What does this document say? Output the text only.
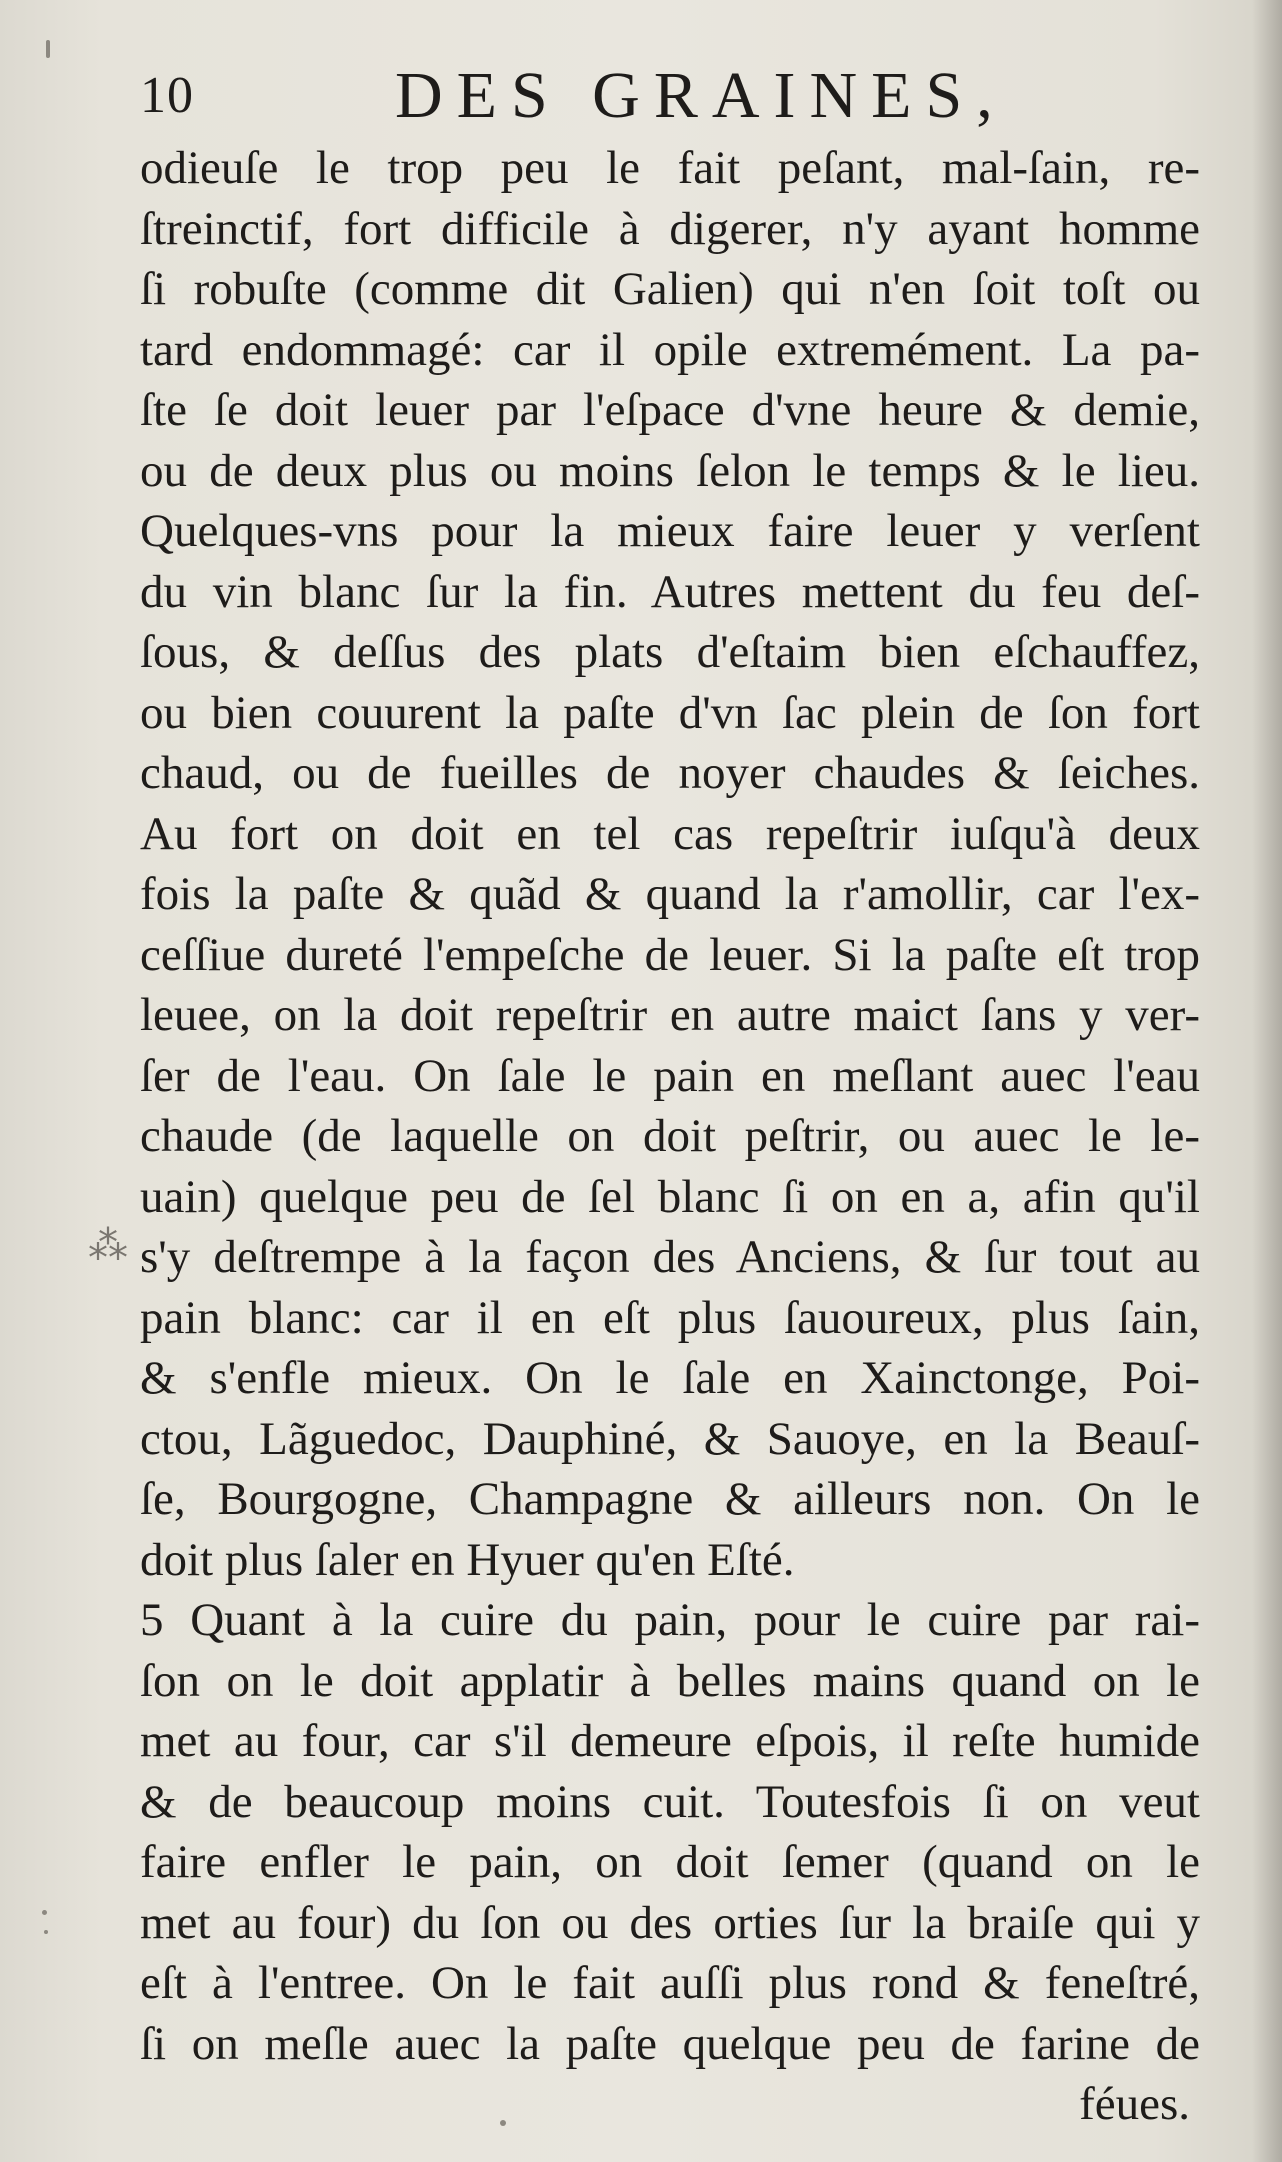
10	DES GRAINES,
⁂
odieuſe le trop peu le fait peſant, mal-ſain, re-
ſtreinctif, fort difficile à digerer, n'y ayant homme
ſi robuſte (comme dit Galien) qui n'en ſoit toſt ou
tard endommagé: car il opile extremément. La pa-
ſte ſe doit leuer par l'eſpace d'vne heure & demie,
ou de deux plus ou moins ſelon le temps & le lieu.
Quelques-vns pour la mieux faire leuer y verſent
du vin blanc ſur la fin. Autres mettent du feu deſ-
ſous, & deſſus des plats d'eſtaim bien eſchauffez,
ou bien couurent la paſte d'vn ſac plein de ſon fort
chaud, ou de fueilles de noyer chaudes & ſeiches.
Au fort on doit en tel cas repeſtrir iuſqu'à deux
fois la paſte & quãd & quand la r'amollir, car l'ex-
ceſſiue dureté l'empeſche de leuer. Si la paſte eſt trop
leuee, on la doit repeſtrir en autre maict ſans y ver-
ſer de l'eau. On ſale le pain en meſlant auec l'eau
chaude (de laquelle on doit peſtrir, ou auec le le-
uain) quelque peu de ſel blanc ſi on en a, afin qu'il
s'y deſtrempe à la façon des Anciens, & ſur tout au
pain blanc: car il en eſt plus ſauoureux, plus ſain,
& s'enfle mieux. On le ſale en Xainctonge, Poi-
ctou, Lãguedoc, Dauphiné, & Sauoye, en la Beauſ-
ſe, Bourgogne, Champagne & ailleurs non. On le
doit plus ſaler en Hyuer qu'en Eſté.
5 Quant à la cuire du pain, pour le cuire par rai-
ſon on le doit applatir à belles mains quand on le
met au four, car s'il demeure eſpois, il reſte humide
& de beaucoup moins cuit. Toutesfois ſi on veut
faire enfler le pain, on doit ſemer (quand on le
met au four) du ſon ou des orties ſur la braiſe qui y
eſt à l'entree. On le fait auſſi plus rond & feneſtré,
ſi on meſle auec la paſte quelque peu de farine de
féues.
